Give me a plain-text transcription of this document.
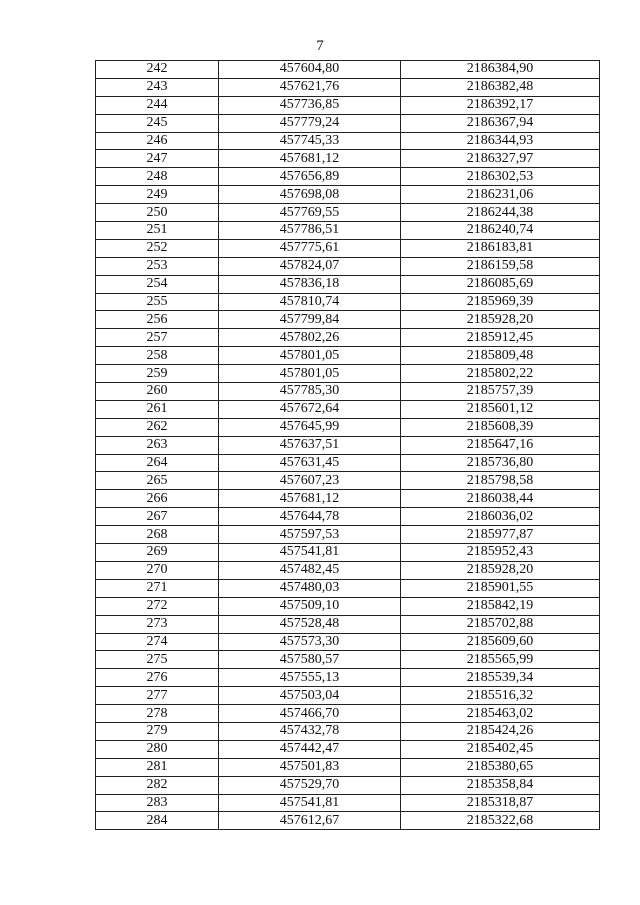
7
242	457604,80	2186384,90
243	457621,76	2186382,48
244	457736,85	2186392,17
245	457779,24	2186367,94
246	457745,33	2186344,93
247	457681,12	2186327,97
248	457656,89	2186302,53
249	457698,08	2186231,06
250	457769,55	2186244,38
251	457786,51	2186240,74
252	457775,61	2186183,81
253	457824,07	2186159,58
254	457836,18	2186085,69
255	457810,74	2185969,39
256	457799,84	2185928,20
257	457802,26	2185912,45
258	457801,05	2185809,48
259	457801,05	2185802,22
260	457785,30	2185757,39
261	457672,64	2185601,12
262	457645,99	2185608,39
263	457637,51	2185647,16
264	457631,45	2185736,80
265	457607,23	2185798,58
266	457681,12	2186038,44
267	457644,78	2186036,02
268	457597,53	2185977,87
269	457541,81	2185952,43
270	457482,45	2185928,20
271	457480,03	2185901,55
272	457509,10	2185842,19
273	457528,48	2185702,88
274	457573,30	2185609,60
275	457580,57	2185565,99
276	457555,13	2185539,34
277	457503,04	2185516,32
278	457466,70	2185463,02
279	457432,78	2185424,26
280	457442,47	2185402,45
281	457501,83	2185380,65
282	457529,70	2185358,84
283	457541,81	2185318,87
284	457612,67	2185322,68
